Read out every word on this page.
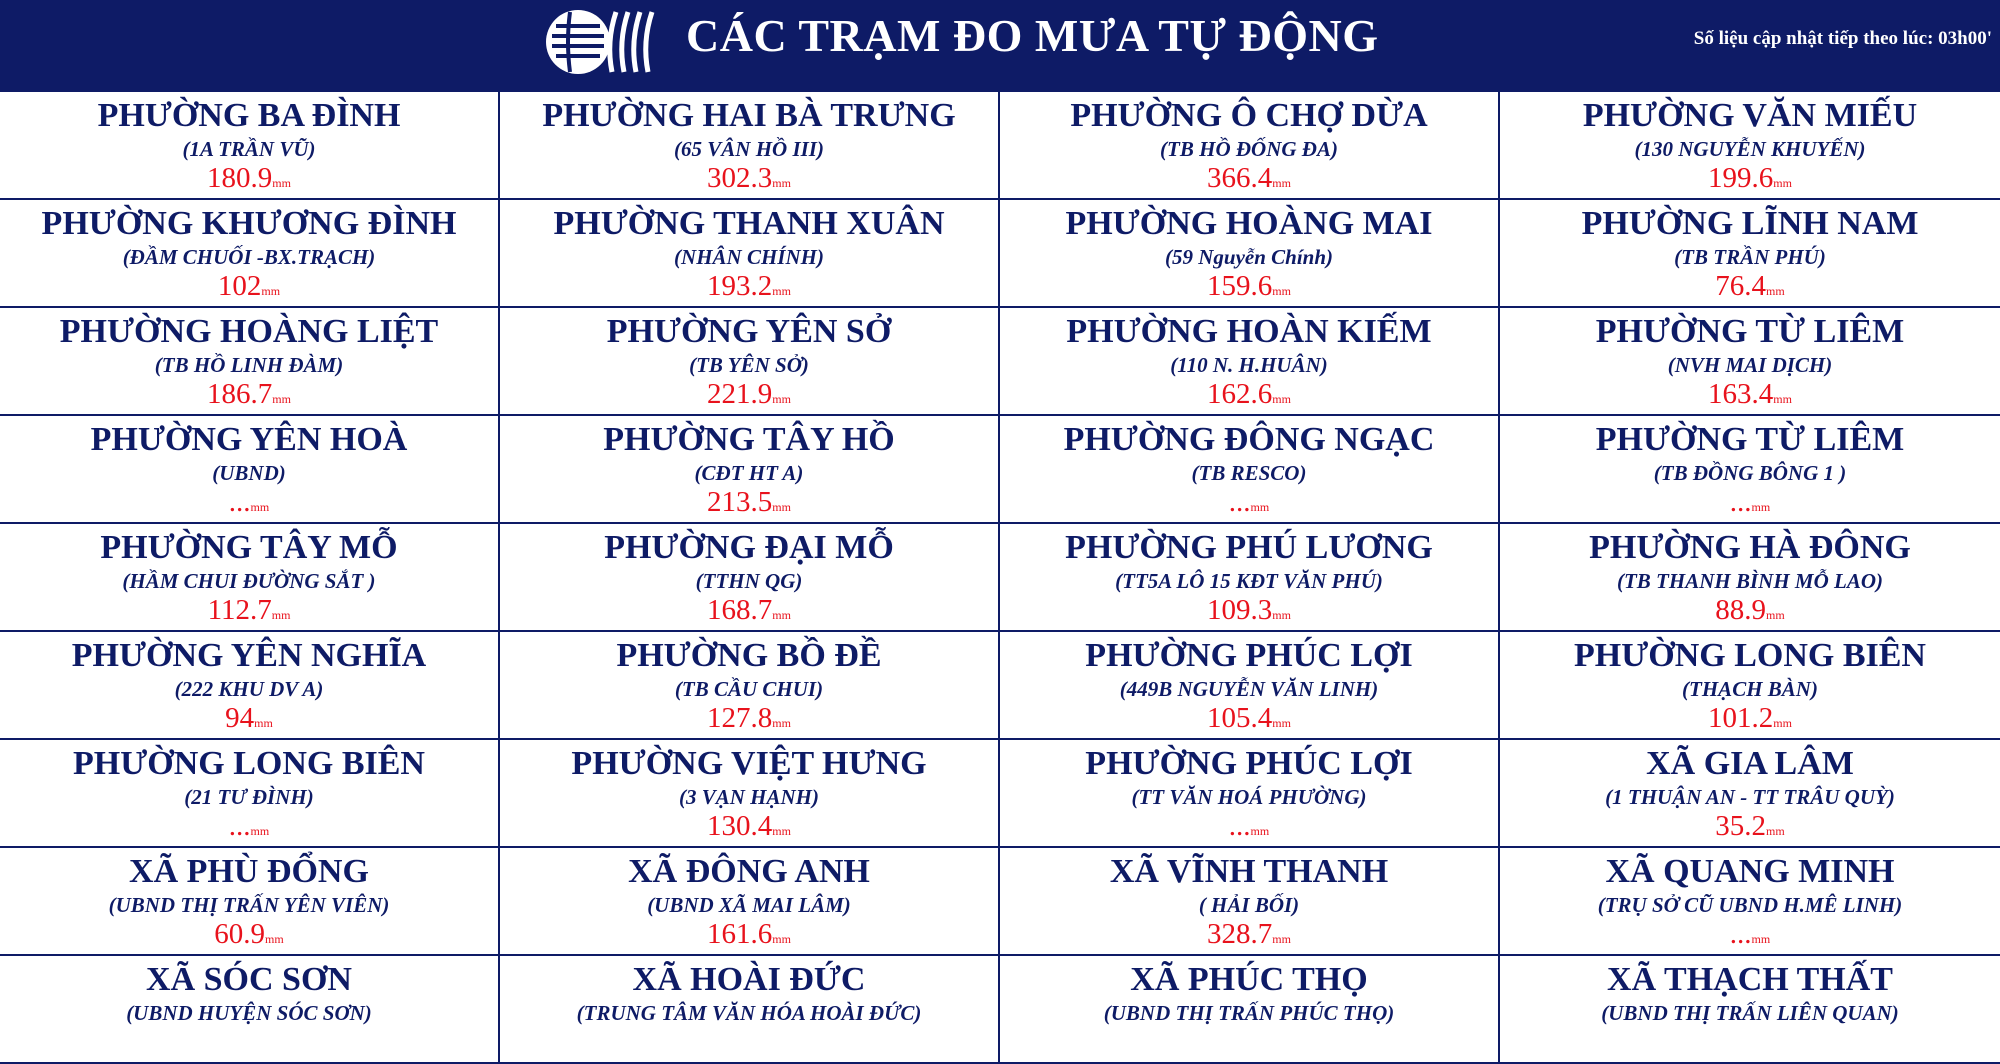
CÁC TRẠM ĐO MƯA TỰ ĐỘNG	Số liệu cập nhật tiếp theo lúc: 03h00'
PHƯỜNG BA ĐÌNH
(1A TRẦN VŨ)
180.9mm
PHƯỜNG HAI BÀ TRƯNG
(65 VÂN HỒ III)
302.3mm
PHƯỜNG Ô CHỢ DỪA
(TB HỒ ĐỐNG ĐA)
366.4mm
PHƯỜNG VĂN MIẾU
(130 NGUYỄN KHUYẾN)
199.6mm
PHƯỜNG KHƯƠNG ĐÌNH
(ĐẦM CHUỐI -BX.TRẠCH)
102mm
PHƯỜNG THANH XUÂN
(NHÂN CHÍNH)
193.2mm
PHƯỜNG HOÀNG MAI
(59 Nguyễn Chính)
159.6mm
PHƯỜNG LĨNH NAM
(TB TRẦN PHÚ)
76.4mm
PHƯỜNG HOÀNG LIỆT
(TB HỒ LINH ĐÀM)
186.7mm
PHƯỜNG YÊN SỞ
(TB YÊN SỞ)
221.9mm
PHƯỜNG HOÀN KIẾM
(110 N. H.HUÂN)
162.6mm
PHƯỜNG TỪ LIÊM
(NVH MAI DỊCH)
163.4mm
PHƯỜNG YÊN HOÀ
(UBND)
...mm
PHƯỜNG TÂY HỒ
(CĐT HT A)
213.5mm
PHƯỜNG ĐÔNG NGẠC
(TB RESCO)
...mm
PHƯỜNG TỪ LIÊM
(TB ĐỒNG BÔNG 1 )
...mm
PHƯỜNG TÂY MỖ
(HẦM CHUI ĐƯỜNG SẮT )
112.7mm
PHƯỜNG ĐẠI MỖ
(TTHN QG)
168.7mm
PHƯỜNG PHÚ LƯƠNG
(TT5A LÔ 15 KĐT VĂN PHÚ)
109.3mm
PHƯỜNG HÀ ĐÔNG
(TB THANH BÌNH MỖ LAO)
88.9mm
PHƯỜNG YÊN NGHĨA
(222 KHU DV A)
94mm
PHƯỜNG BỒ ĐỀ
(TB CẦU CHUI)
127.8mm
PHƯỜNG PHÚC LỢI
(449B NGUYỄN VĂN LINH)
105.4mm
PHƯỜNG LONG BIÊN
(THẠCH BÀN)
101.2mm
PHƯỜNG LONG BIÊN
(21 TƯ ĐÌNH)
...mm
PHƯỜNG VIỆT HƯNG
(3 VẠN HẠNH)
130.4mm
PHƯỜNG PHÚC LỢI
(TT VĂN HOÁ PHƯỜNG)
...mm
XÃ GIA LÂM
(1 THUẬN AN - TT TRÂU QUỲ)
35.2mm
XÃ PHÙ ĐỔNG
(UBND THỊ TRẤN YÊN VIÊN)
60.9mm
XÃ ĐÔNG ANH
(UBND XÃ MAI LÂM)
161.6mm
XÃ VĨNH THANH
( HẢI BỐI)
328.7mm
XÃ QUANG MINH
(TRỤ SỞ CŨ UBND H.MÊ LINH)
...mm
XÃ SÓC SƠN
(UBND HUYỆN SÓC SƠN)
XÃ HOÀI ĐỨC
(TRUNG TÂM VĂN HÓA HOÀI ĐỨC)
XÃ PHÚC THỌ
(UBND THỊ TRẤN PHÚC THỌ)
XÃ THẠCH THẤT
(UBND THỊ TRẤN LIÊN QUAN)
